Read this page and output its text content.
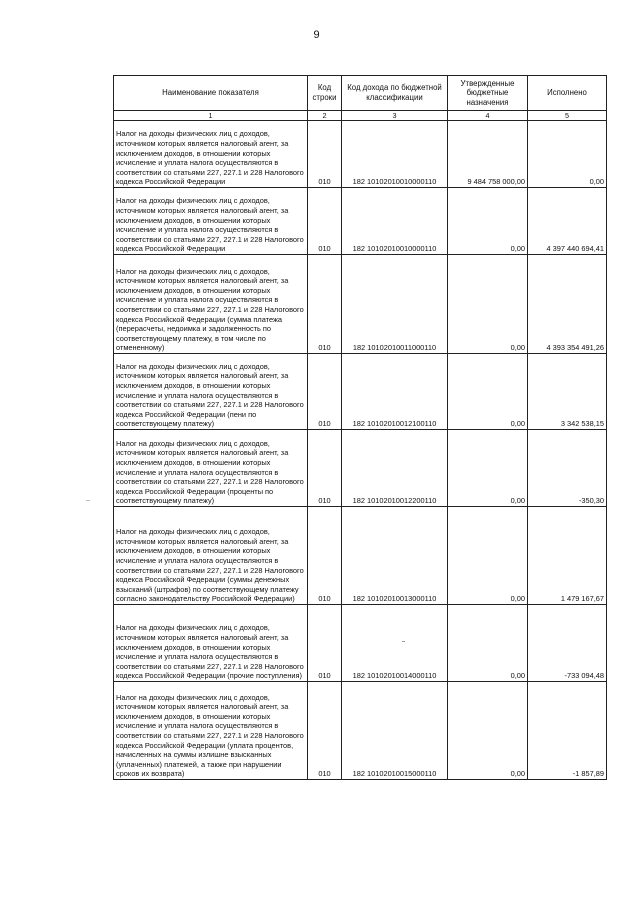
9
Наименование показателя	Код строки	Код дохода по бюджетной классификации	Утвержденные бюджетные назначения	Исполнено
1	2	3	4	5
Налог на доходы физических лиц с доходов, источником которых является налоговый агент, за исключением доходов, в отношении которых исчисление и уплата налога осуществляются в соответствии со статьями 227, 227.1 и 228 Налогового кодекса Российской Федерации	010	182 10102010010000110	9 484 758 000,00	0,00
Налог на доходы физических лиц с доходов, источником которых является налоговый агент, за исключением доходов, в отношении которых исчисление и уплата налога осуществляются в соответствии со статьями 227, 227.1 и 228 Налогового кодекса Российской Федерации	010	182 10102010010000110	0,00	4 397 440 694,41
Налог на доходы физических лиц с доходов, источником которых является налоговый агент, за исключением доходов, в отношении которых исчисление и уплата налога осуществляются в соответствии со статьями 227, 227.1 и 228 Налогового кодекса Российской Федерации (сумма платежа (перерасчеты, недоимка и задолженность по соответствующему платежу, в том числе по отмененному)	010	182 10102010011000110	0,00	4 393 354 491,26
Налог на доходы физических лиц с доходов, источником которых является налоговый агент, за исключением доходов, в отношении которых исчисление и уплата налога осуществляются в соответствии со статьями 227, 227.1 и 228 Налогового кодекса Российской Федерации (пени по соответствующему платежу)	010	182 10102010012100110	0,00	3 342 538,15
Налог на доходы физических лиц с доходов, источником которых является налоговый агент, за исключением доходов, в отношении которых исчисление и уплата налога осуществляются в соответствии со статьями 227, 227.1 и 228 Налогового кодекса Российской Федерации (проценты по соответствующему платежу)	010	182 10102010012200110	0,00	-350,30
Налог на доходы физических лиц с доходов, источником которых является налоговый агент, за исключением доходов, в отношении которых исчисление и уплата налога осуществляются в соответствии со статьями 227, 227.1 и 228 Налогового кодекса Российской Федерации (суммы денежных взысканий (штрафов) по соответствующему платежу согласно законодательству Российской Федерации)	010	182 10102010013000110	0,00	1 479 167,67
Налог на доходы физических лиц с доходов, источником которых является налоговый агент, за исключением доходов, в отношении которых исчисление и уплата налога осуществляются в соответствии со статьями 227, 227.1 и 228 Налогового кодекса Российской Федерации (прочие поступления)	010	182 10102010014000110	0,00	-733 094,48
Налог на доходы физических лиц с доходов, источником которых является налоговый агент, за исключением доходов, в отношении которых исчисление и уплата налога осуществляются в соответствии со статьями 227, 227.1 и 228 Налогового кодекса Российской Федерации (уплата процентов, начисленных на суммы излишне взысканных (уплаченных) платежей, а также при нарушении сроков их возврата)	010	182 10102010015000110	0,00	-1 857,89
